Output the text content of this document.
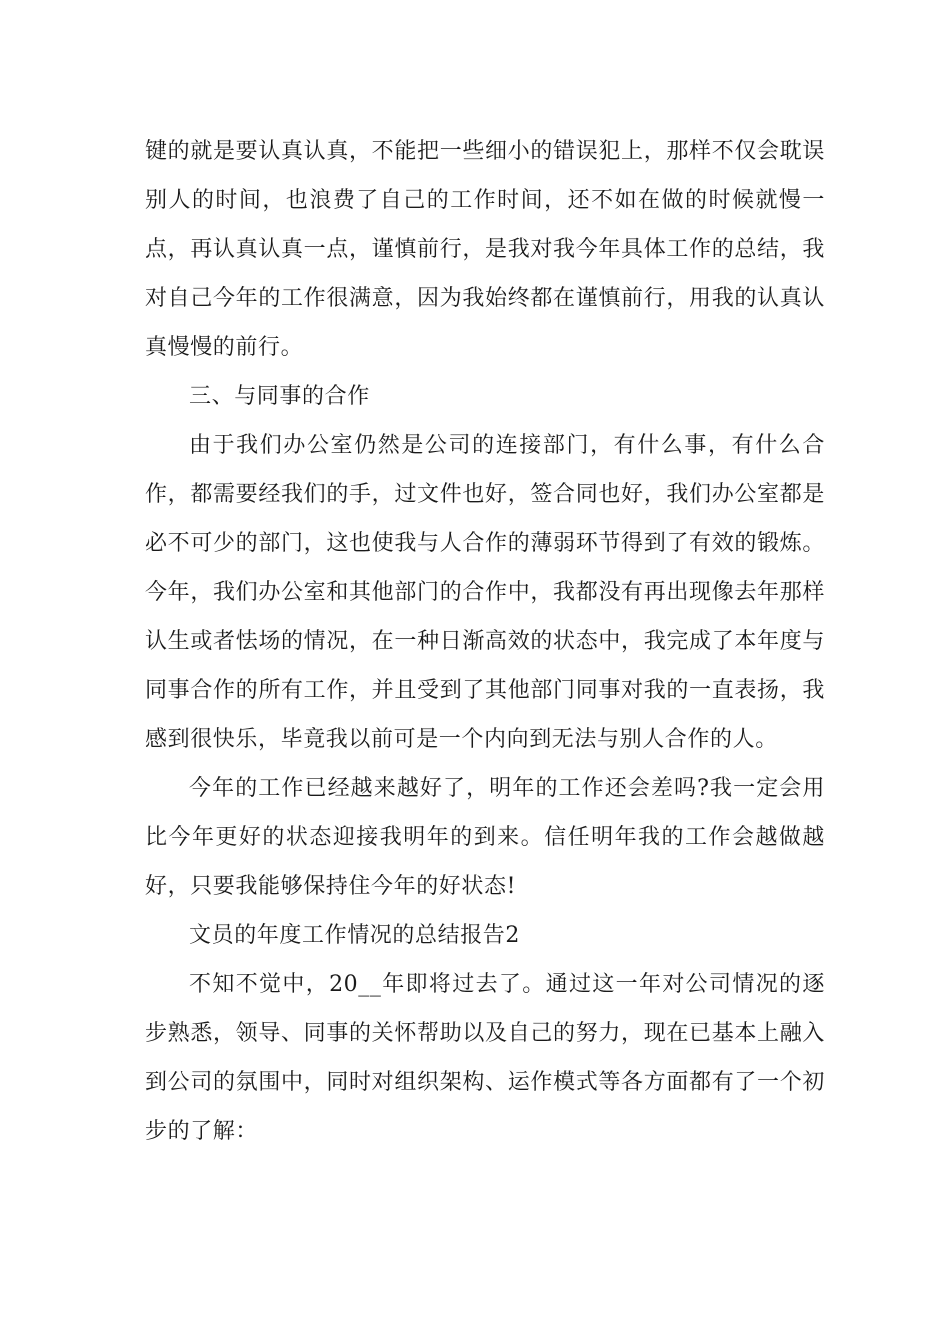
键的就是要认真认真，不能把一些细小的错误犯上，那样不仅会耽误别人的时间，也浪费了自己的工作时间，还不如在做的时候就慢一点，再认真认真一点，谨慎前行，是我对我今年具体工作的总结，我对自己今年的工作很满意，因为我始终都在谨慎前行，用我的认真认真慢慢的前行。

三、与同事的合作

由于我们办公室仍然是公司的连接部门，有什么事，有什么合作，都需要经我们的手，过文件也好，签合同也好，我们办公室都是必不可少的部门，这也使我与人合作的薄弱环节得到了有效的锻炼。今年，我们办公室和其他部门的合作中，我都没有再出现像去年那样认生或者怯场的情况，在一种日渐高效的状态中，我完成了本年度与同事合作的所有工作，并且受到了其他部门同事对我的一直表扬，我感到很快乐，毕竟我以前可是一个内向到无法与别人合作的人。

今年的工作已经越来越好了，明年的工作还会差吗?我一定会用比今年更好的状态迎接我明年的到来。信任明年我的工作会越做越好，只要我能够保持住今年的好状态!

文员的年度工作情况的总结报告2

不知不觉中，20__年即将过去了。通过这一年对公司情况的逐步熟悉，领导、同事的关怀帮助以及自己的努力，现在已基本上融入到公司的氛围中，同时对组织架构、运作模式等各方面都有了一个初步的了解：
